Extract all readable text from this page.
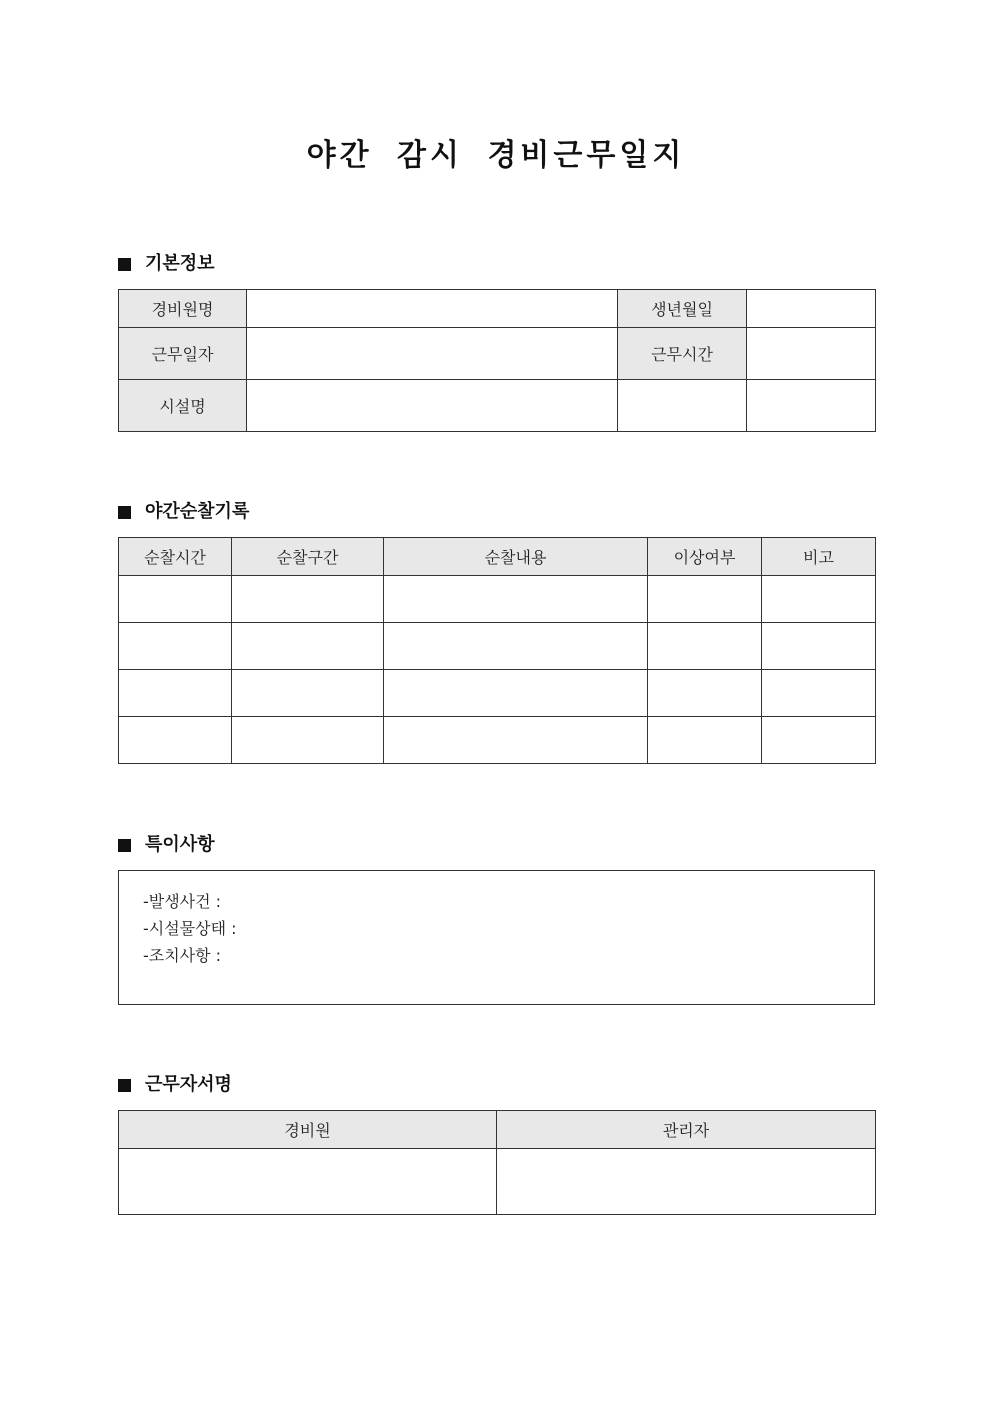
야간 감시 경비근무일지
기본정보
경비원명		생년월일	
근무일자		근무시간	
시설명			
야간순찰기록
순찰시간	순찰구간	순찰내용	이상여부	비고

특이사항
-발생사건 :
-시설물상태 :
-조치사항 :
근무자서명
경비원	관리자
